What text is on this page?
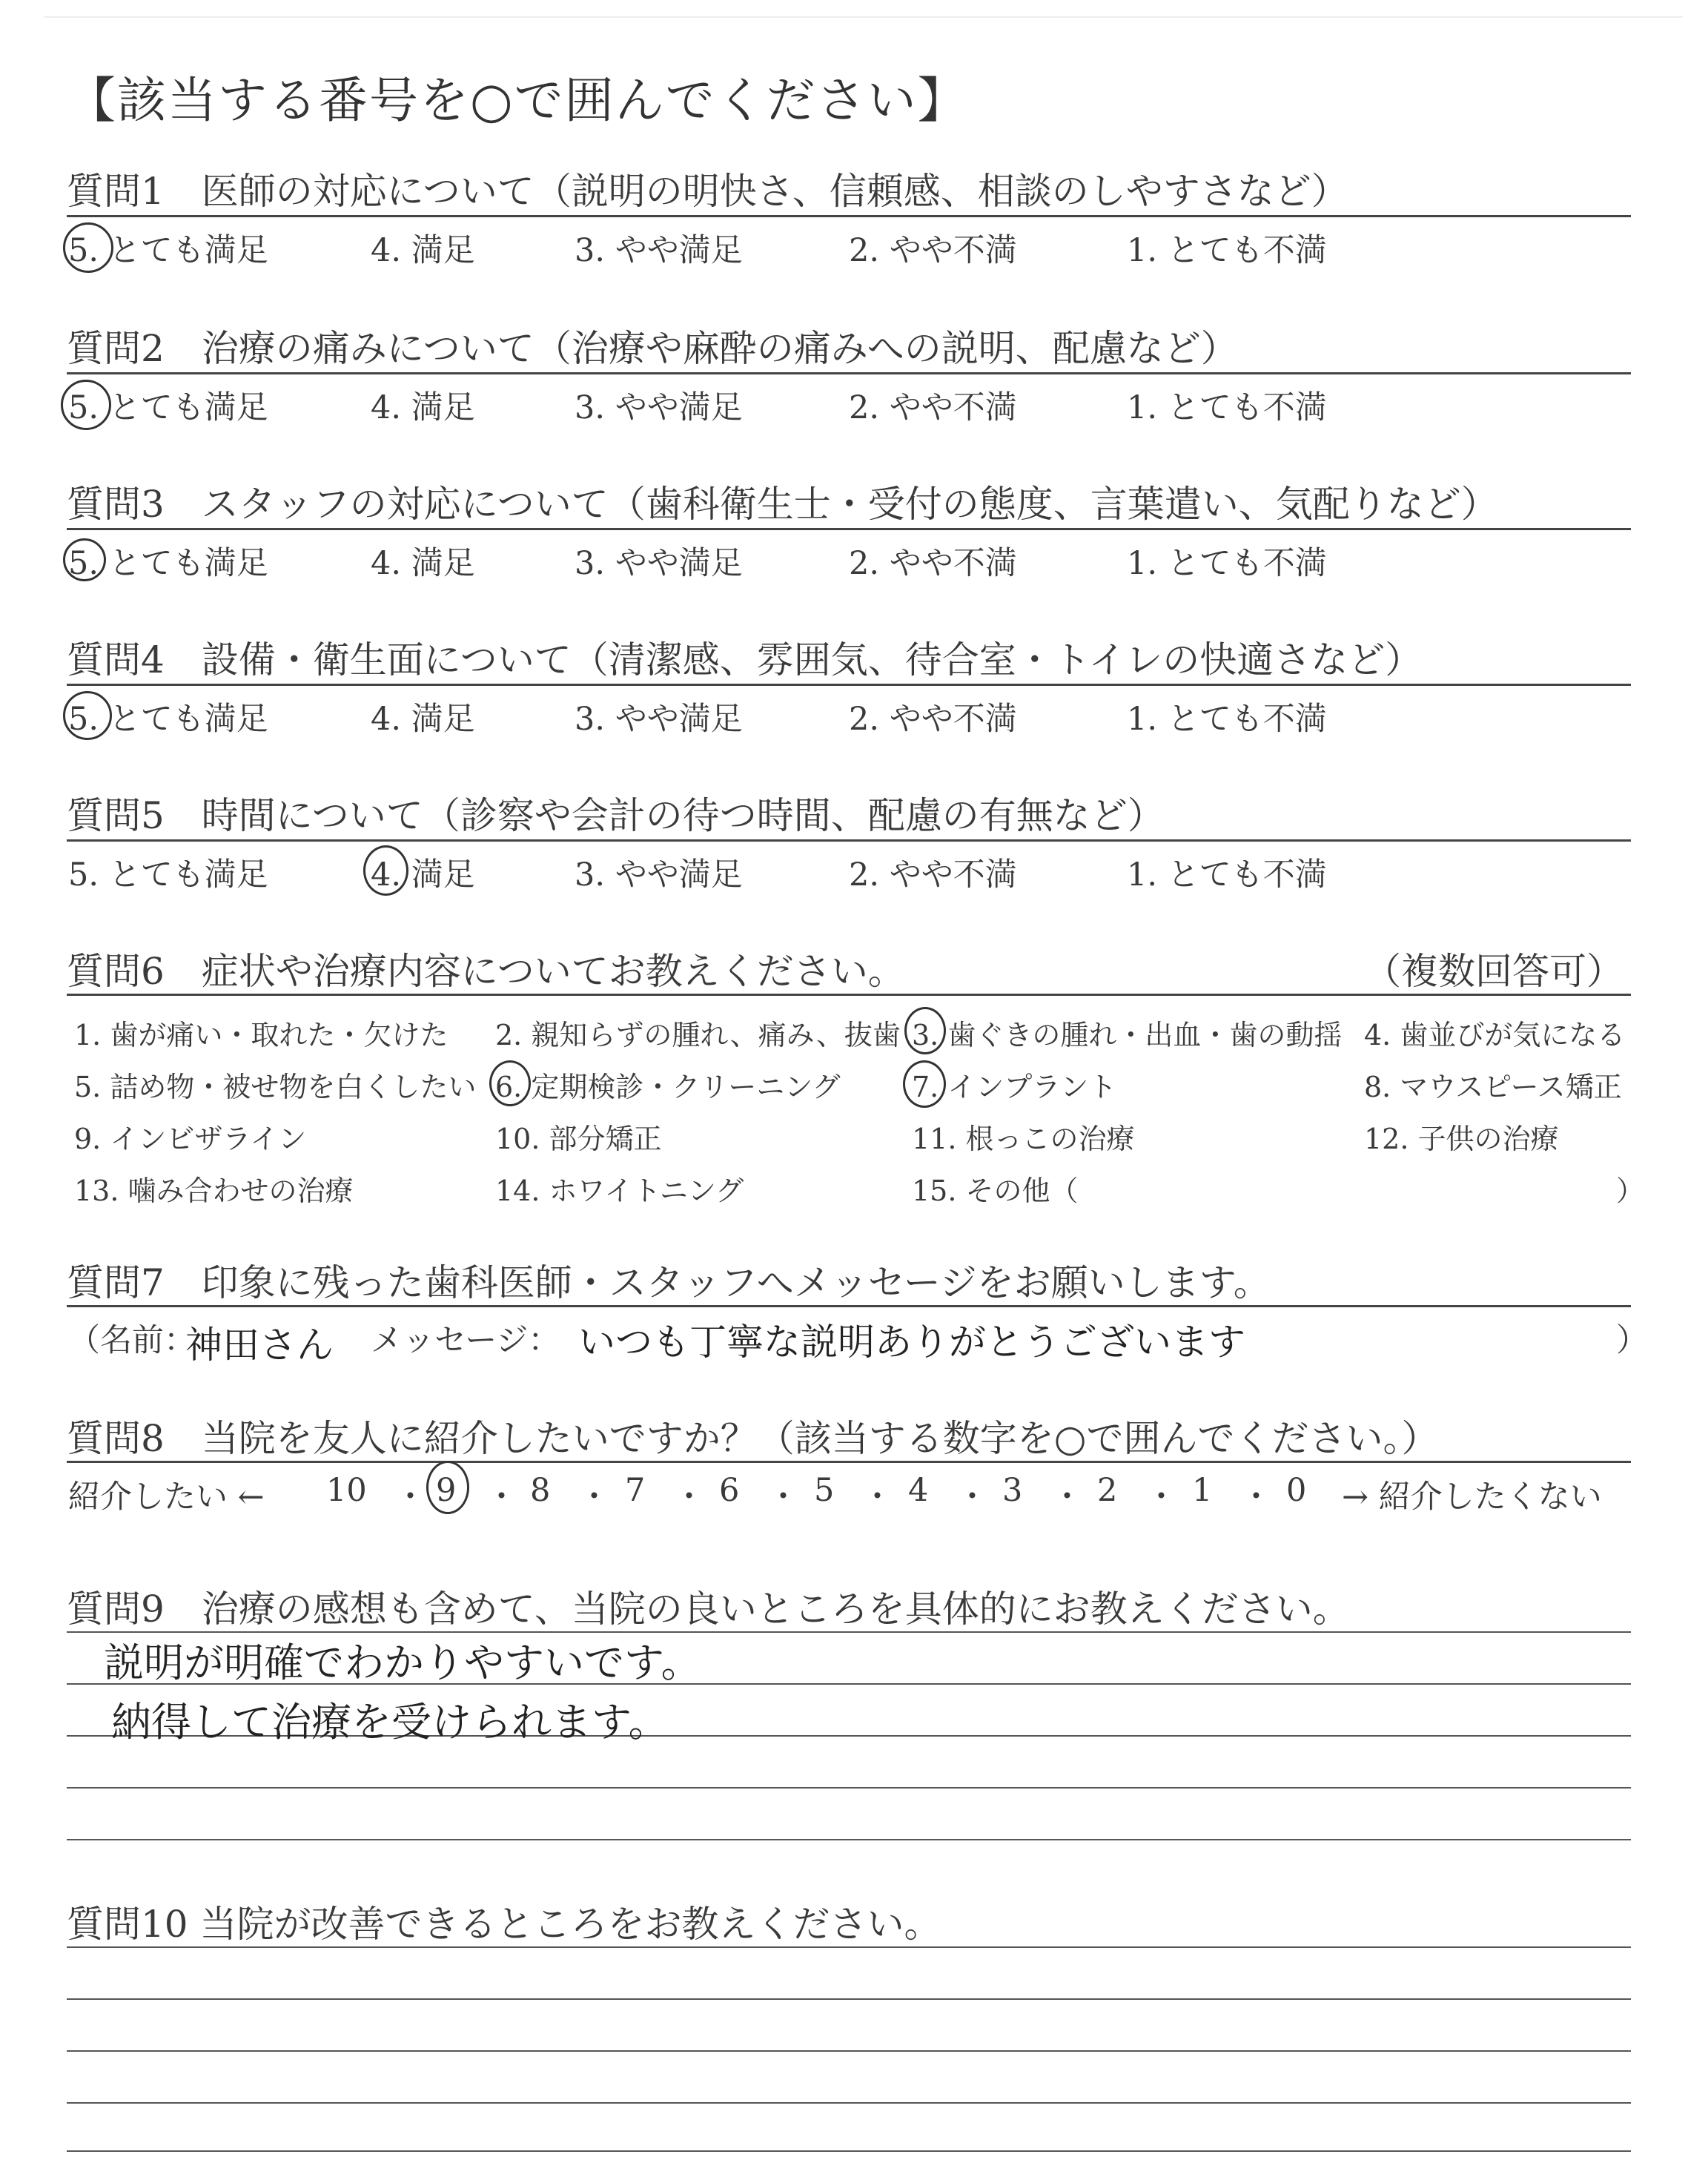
【該当する番号を○で囲んでください】
質問1　医師の対応について（説明の明快さ、信頼感、相談のしやすさなど）
5. とても満足	4. 満足	3. やや満足	2. やや不満	1. とても不満
質問2　治療の痛みについて（治療や麻酔の痛みへの説明、配慮など）
5. とても満足	4. 満足	3. やや満足	2. やや不満	1. とても不満
質問3　スタッフの対応について（歯科衛生士・受付の態度、言葉遣い、気配りなど）
5. とても満足	4. 満足	3. やや満足	2. やや不満	1. とても不満
質問4　設備・衛生面について（清潔感、雰囲気、待合室・トイレの快適さなど）
5. とても満足	4. 満足	3. やや満足	2. やや不満	1. とても不満
質問5　時間について（診察や会計の待つ時間、配慮の有無など）
5. とても満足	4. 満足	3. やや満足	2. やや不満	1. とても不満
質問6　症状や治療内容についてお教えください。	（複数回答可）
1. 歯が痛い・取れた・欠けた 2. 親知らずの腫れ、痛み、抜歯 3. 歯ぐきの腫れ・出血・歯の動揺 4. 歯並びが気になる
5. 詰め物・被せ物を白くしたい 6. 定期検診・クリーニング	7. インプラント	8. マウスピース矯正
9. インビザライン	10. 部分矯正	11. 根っこの治療	12. 子供の治療
13. 噛み合わせの治療	14. ホワイトニング	15. その他（	）
質問7　印象に残った歯科医師・スタッフへメッセージをお願いします。
（名前：
神田さん メッセージ： いつも丁寧な説明ありがとうございます	）
質問8　当院を友人に紹介したいですか？（該当する数字を○で囲んでください。）
紹介したい ← 10 ・ 9 ・ 8 ・ 7 ・ 6 ・ 5 ・ 4 ・ 3 ・ 2 ・ 1 ・ 0 → 紹介したくない
質問9　治療の感想も含めて、当院の良いところを具体的にお教えください。
説明が明確でわかりやすいです。
納得して治療を受けられます。
質問10 当院が改善できるところをお教えください。
